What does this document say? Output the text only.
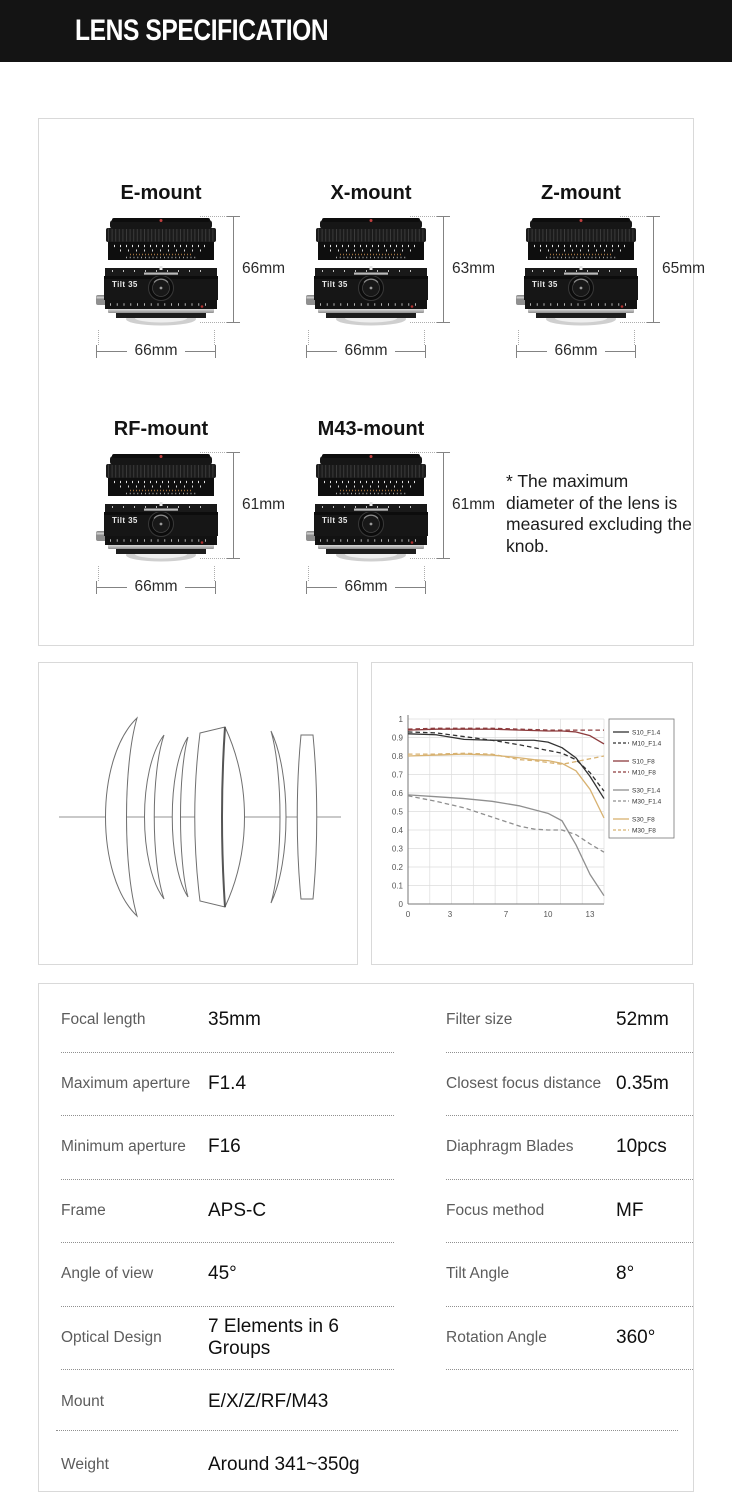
LENS SPECIFICATION
* The maximum diameter of the lens is measured excluding the knob.
E-mount
Tilt 35
66mm
66mm
X-mount
Tilt 35
63mm
66mm
Z-mount
Tilt 35
65mm
66mm
RF-mount
Tilt 35
61mm
66mm
M43-mount
Tilt 35
61mm
66mm
0
0.1
0.2
0.3
0.4
0.5
0.6
0.7
0.8
0.9
1
0	3	7	10	13
S10_F1.4
M10_F1.4
S10_F8
M10_F8
S30_F1.4
M30_F1.4
S30_F8
M30_F8
Focal length	35mm
Maximum aperture F1.4
Minimum aperture	F16
Frame	APS-C
Angle of view	45°
Optical Design
7 Elements in 6 Groups
Mount	E/X/Z/RF/M43
Weight	Around 341~350g
Filter size	52mm
Closest focus distance 0.35m
Diaphragm Blades	10pcs
Focus method	MF
Tilt Angle	8°
Rotation Angle	360°
